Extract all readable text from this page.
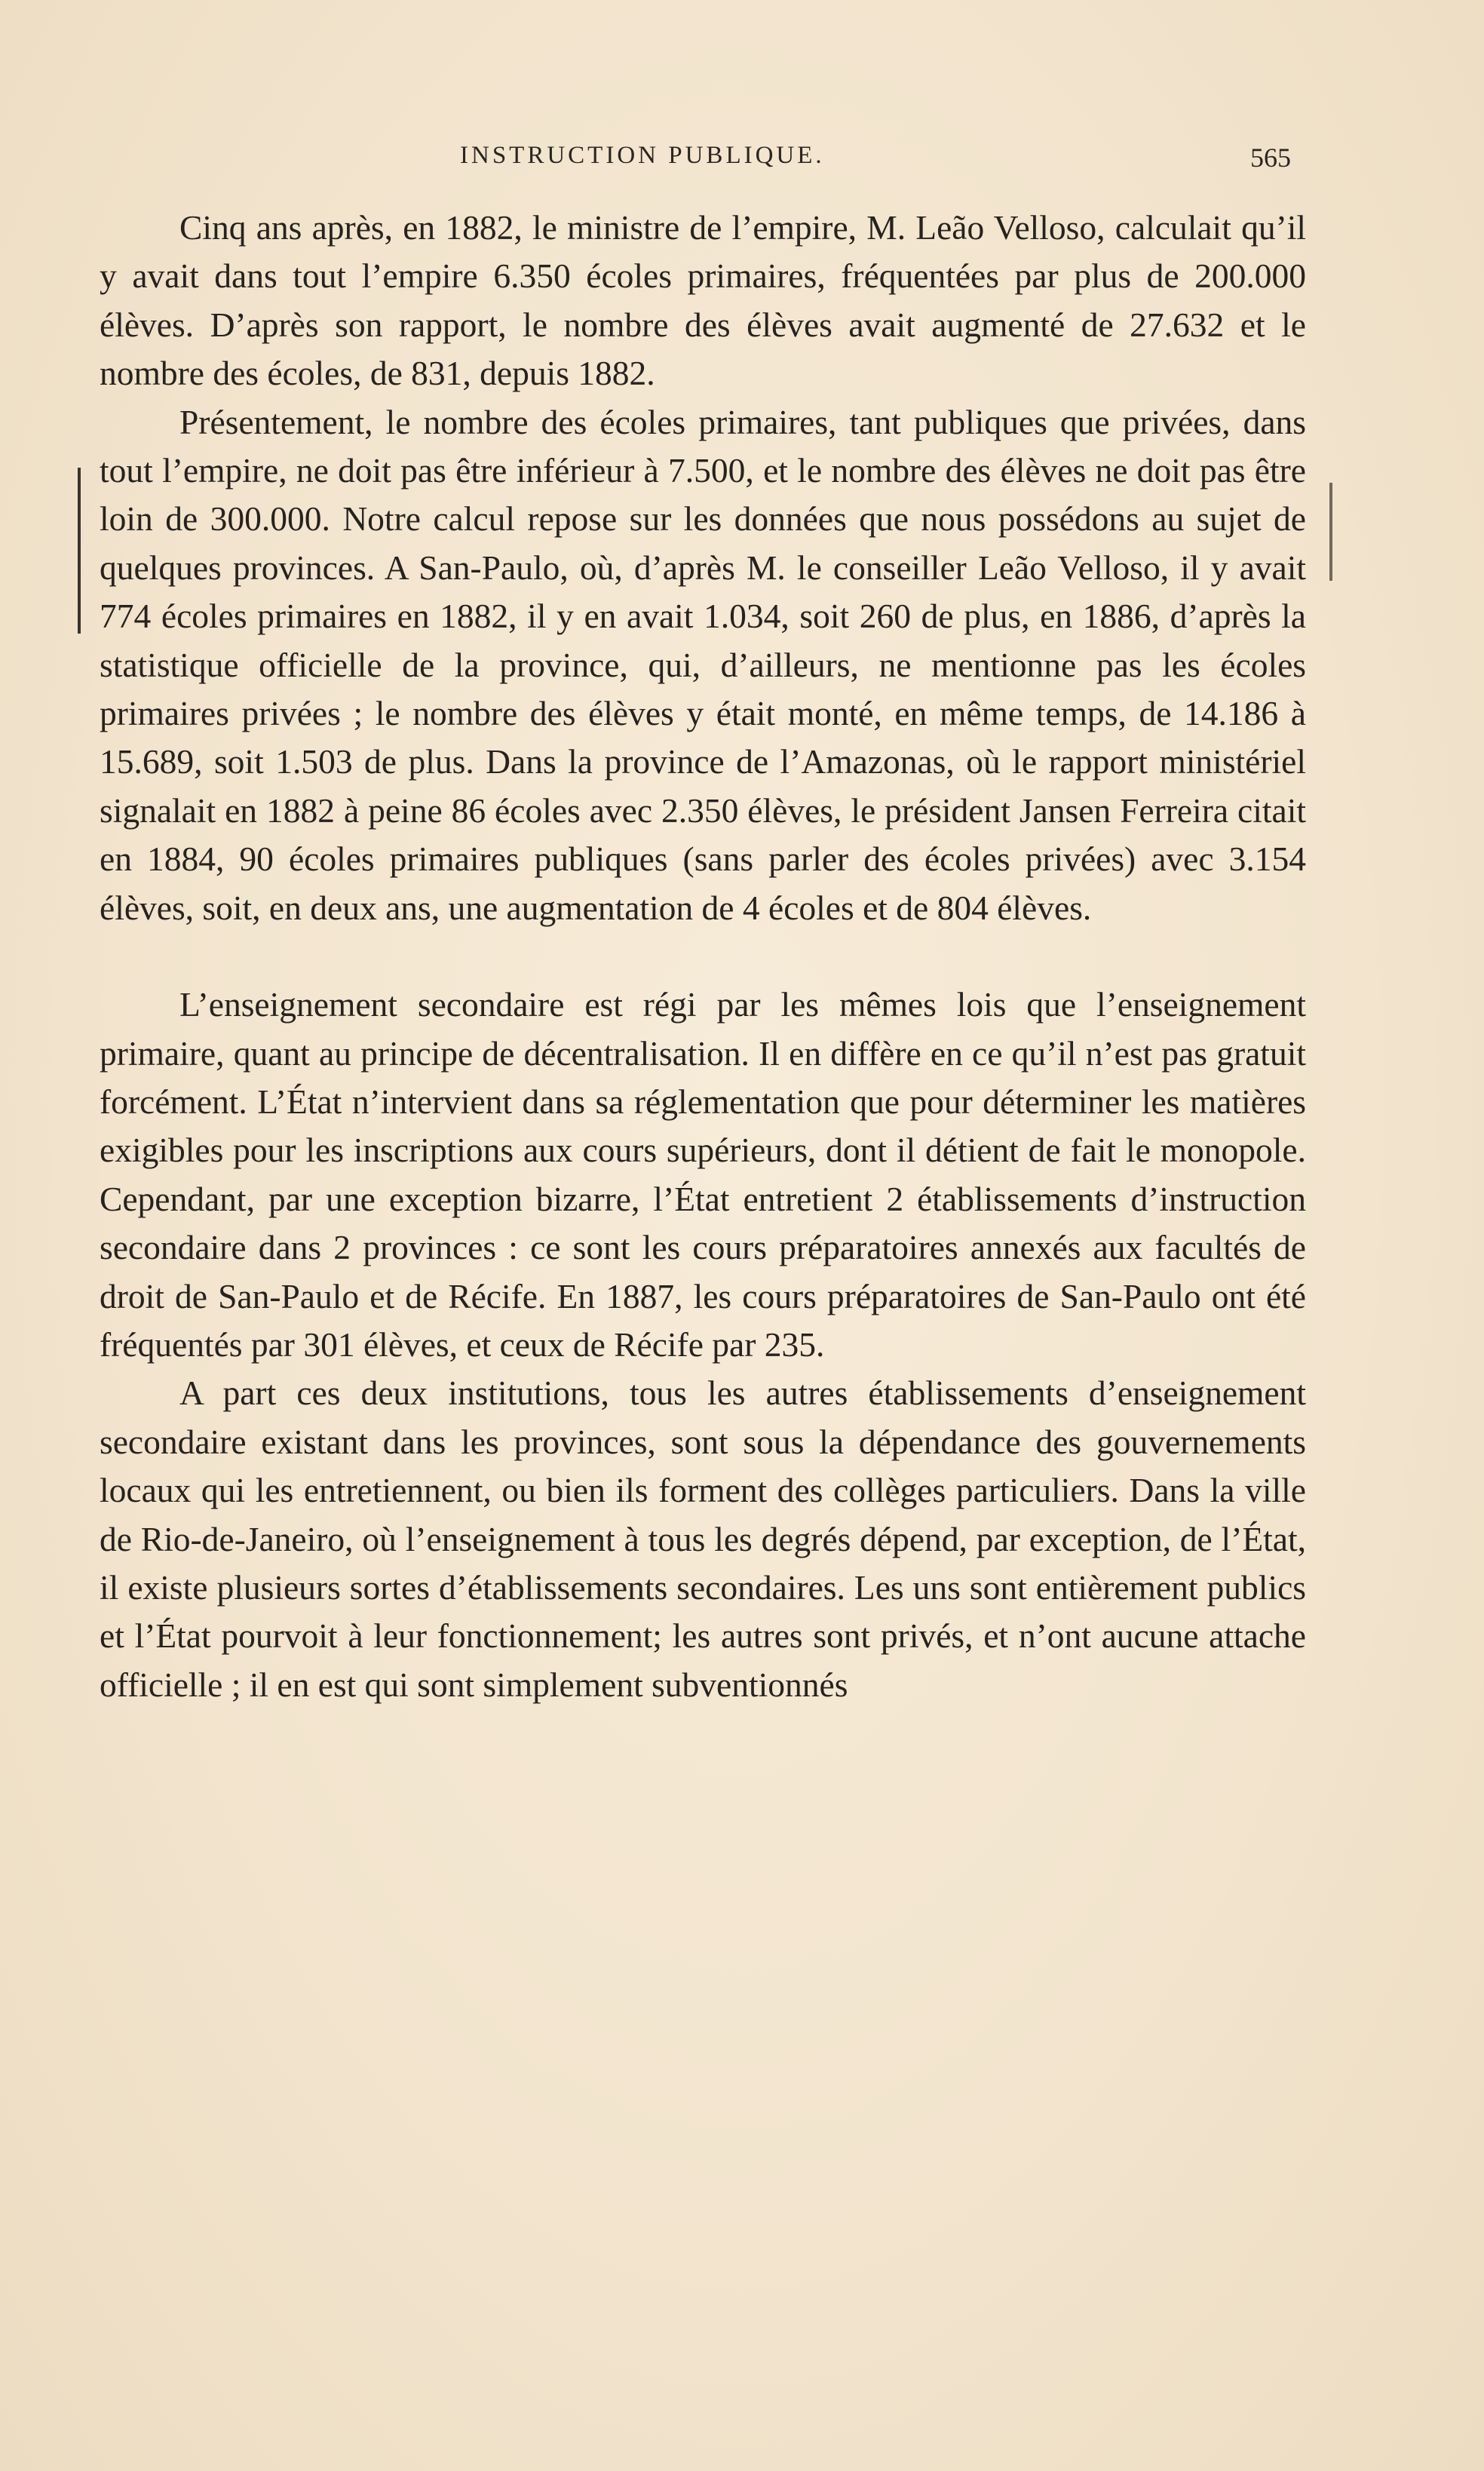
INSTRUCTION PUBLIQUE.	565

Cinq ans après, en 1882, le ministre de l’empire, M. Leão Velloso, calculait qu’il y avait dans tout l’empire 6.350 écoles primaires, fréquentées par plus de 200.000 élèves. D’après son rapport, le nombre des élèves avait augmenté de 27.632 et le nombre des écoles, de 831, depuis 1882.

Présentement, le nombre des écoles primaires, tant publiques que privées, dans tout l’empire, ne doit pas être inférieur à 7.500, et le nombre des élèves ne doit pas être loin de 300.000. Notre calcul repose sur les données que nous possédons au sujet de quelques provinces. A San-Paulo, où, d’après M. le conseiller Leão Velloso, il y avait 774 écoles primaires en 1882, il y en avait 1.034, soit 260 de plus, en 1886, d’après la statistique officielle de la province, qui, d’ailleurs, ne mentionne pas les écoles primaires privées ; le nombre des élèves y était monté, en même temps, de 14.186 à 15.689, soit 1.503 de plus. Dans la province de l’Amazonas, où le rapport ministériel signalait en 1882 à peine 86 écoles avec 2.350 élèves, le président Jansen Ferreira citait en 1884, 90 écoles primaires publiques (sans parler des écoles privées) avec 3.154 élèves, soit, en deux ans, une augmentation de 4 écoles et de 804 élèves.

L’enseignement secondaire est régi par les mêmes lois que l’enseignement primaire, quant au principe de décentralisation. Il en diffère en ce qu’il n’est pas gratuit forcément. L’État n’intervient dans sa réglementation que pour déterminer les matières exigibles pour les inscriptions aux cours supérieurs, dont il détient de fait le monopole. Cependant, par une exception bizarre, l’État entretient 2 établissements d’instruction secondaire dans 2 provinces : ce sont les cours préparatoires annexés aux facultés de droit de San-Paulo et de Récife. En 1887, les cours préparatoires de San-Paulo ont été fréquentés par 301 élèves, et ceux de Récife par 235.

A part ces deux institutions, tous les autres établissements d’enseignement secondaire existant dans les provinces, sont sous la dépendance des gouvernements locaux qui les entretiennent, ou bien ils forment des collèges particuliers. Dans la ville de Rio-de-Janeiro, où l’enseignement à tous les degrés dépend, par exception, de l’État, il existe plusieurs sortes d’établissements secondaires. Les uns sont entièrement publics et l’État pourvoit à leur fonctionnement; les autres sont privés, et n’ont aucune attache officielle ; il en est qui sont simplement subventionnés
